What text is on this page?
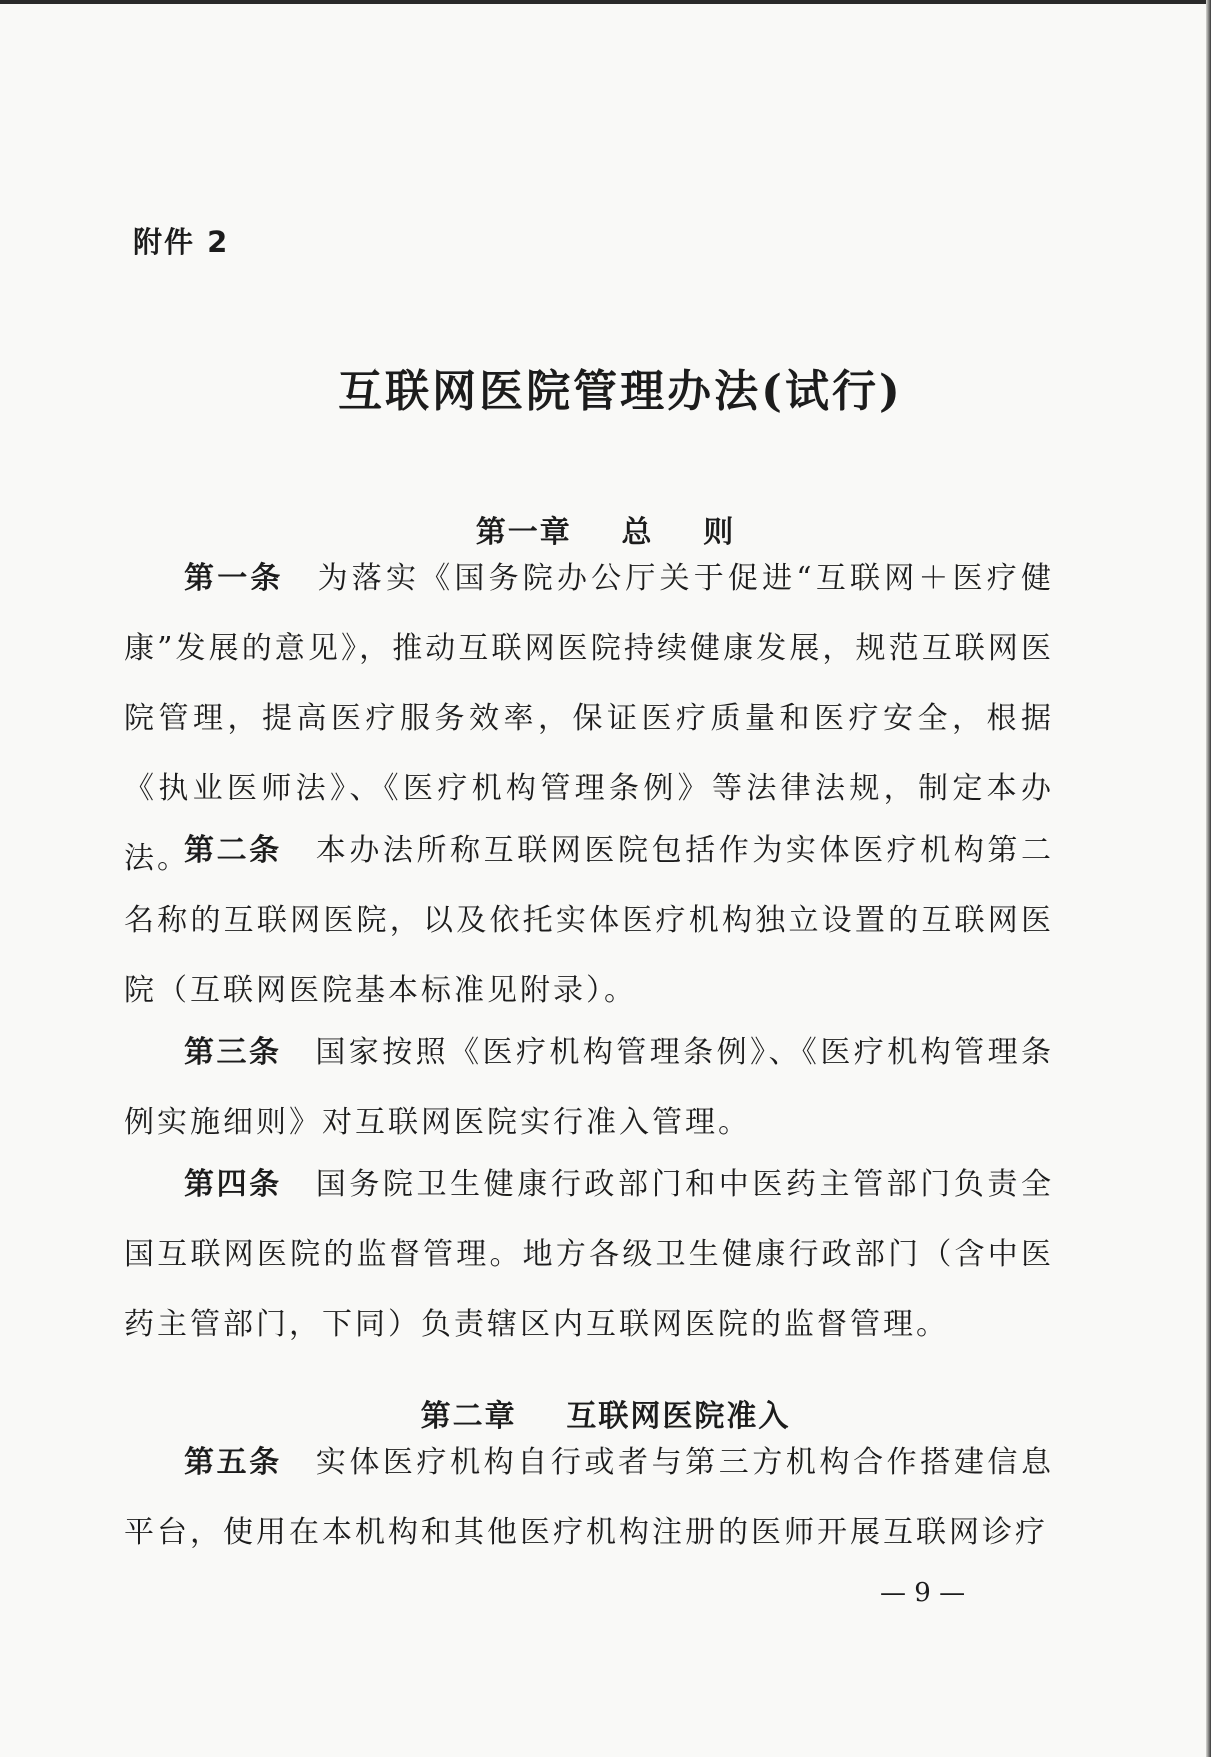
附件 2
互联网医院管理办法(试行)
第一章    总    则

第一条 为落实《国务院办公厅关于促进“互联网＋医疗健康”发展的意见》，推动互联网医院持续健康发展，规范互联网医院管理，提高医疗服务效率，保证医疗质量和医疗安全，根据《执业医师法》、《医疗机构管理条例》等法律法规，制定本办法。

第二条 本办法所称互联网医院包括作为实体医疗机构第二名称的互联网医院，以及依托实体医疗机构独立设置的互联网医院（互联网医院基本标准见附录）。

第三条 国家按照《医疗机构管理条例》、《医疗机构管理条例实施细则》对互联网医院实行准入管理。

第四条 国务院卫生健康行政部门和中医药主管部门负责全国互联网医院的监督管理。地方各级卫生健康行政部门（含中医药主管部门，下同）负责辖区内互联网医院的监督管理。

第二章    互联网医院准入

第五条 实体医疗机构自行或者与第三方机构合作搭建信息平台，使用在本机构和其他医疗机构注册的医师开展互联网诊疗

— 9 —
